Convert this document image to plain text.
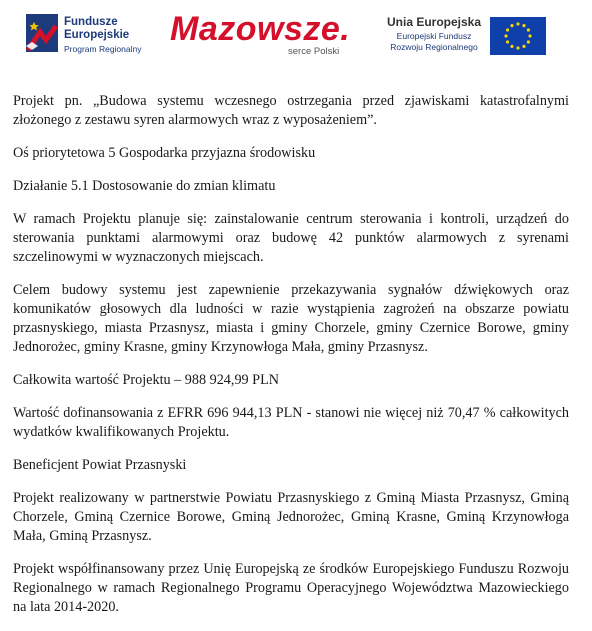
Fundusze
Europejskie
Program Regionalny
Mazowsze.
serce Polski
Unia Europejska
Europejski Fundusz
Rozwoju Regionalnego

Projekt pn. „Budowa systemu wczesnego ostrzegania przed zjawiskami katastrofalnymi złożonego z zestawu syren alarmowych wraz z wyposażeniem”.

Oś priorytetowa 5 Gospodarka przyjazna środowisku

Działanie 5.1 Dostosowanie do zmian klimatu

W ramach Projektu planuje się: zainstalowanie centrum sterowania i kontroli, urządzeń do sterowania punktami alarmowymi oraz budowę 42 punktów alarmowych z syrenami szczelinowymi w wyznaczonych miejscach.

Celem budowy systemu jest zapewnienie przekazywania sygnałów dźwiękowych oraz komunikatów głosowych dla ludności w razie wystąpienia zagrożeń na obszarze powiatu przasnyskiego, miasta Przasnysz, miasta i gminy Chorzele, gminy Czernice Borowe, gminy Jednorożec, gminy Krasne, gminy Krzynowłoga Mała, gminy Przasnysz.

Całkowita wartość Projektu – 988 924,99 PLN

Wartość dofinansowania z EFRR 696 944,13 PLN - stanowi nie więcej niż 70,47 % całkowitych wydatków kwalifikowanych Projektu.

Beneficjent Powiat Przasnyski

Projekt realizowany w partnerstwie Powiatu Przasnyskiego z Gminą Miasta Przasnysz, Gminą Chorzele, Gminą Czernice Borowe, Gminą Jednorożec, Gminą Krasne, Gminą Krzynowłoga Mała, Gminą Przasnysz.

Projekt współfinansowany przez Unię Europejską ze środków Europejskiego Funduszu Rozwoju Regionalnego w ramach Regionalnego Programu Operacyjnego Województwa Mazowieckiego na lata 2014-2020.
